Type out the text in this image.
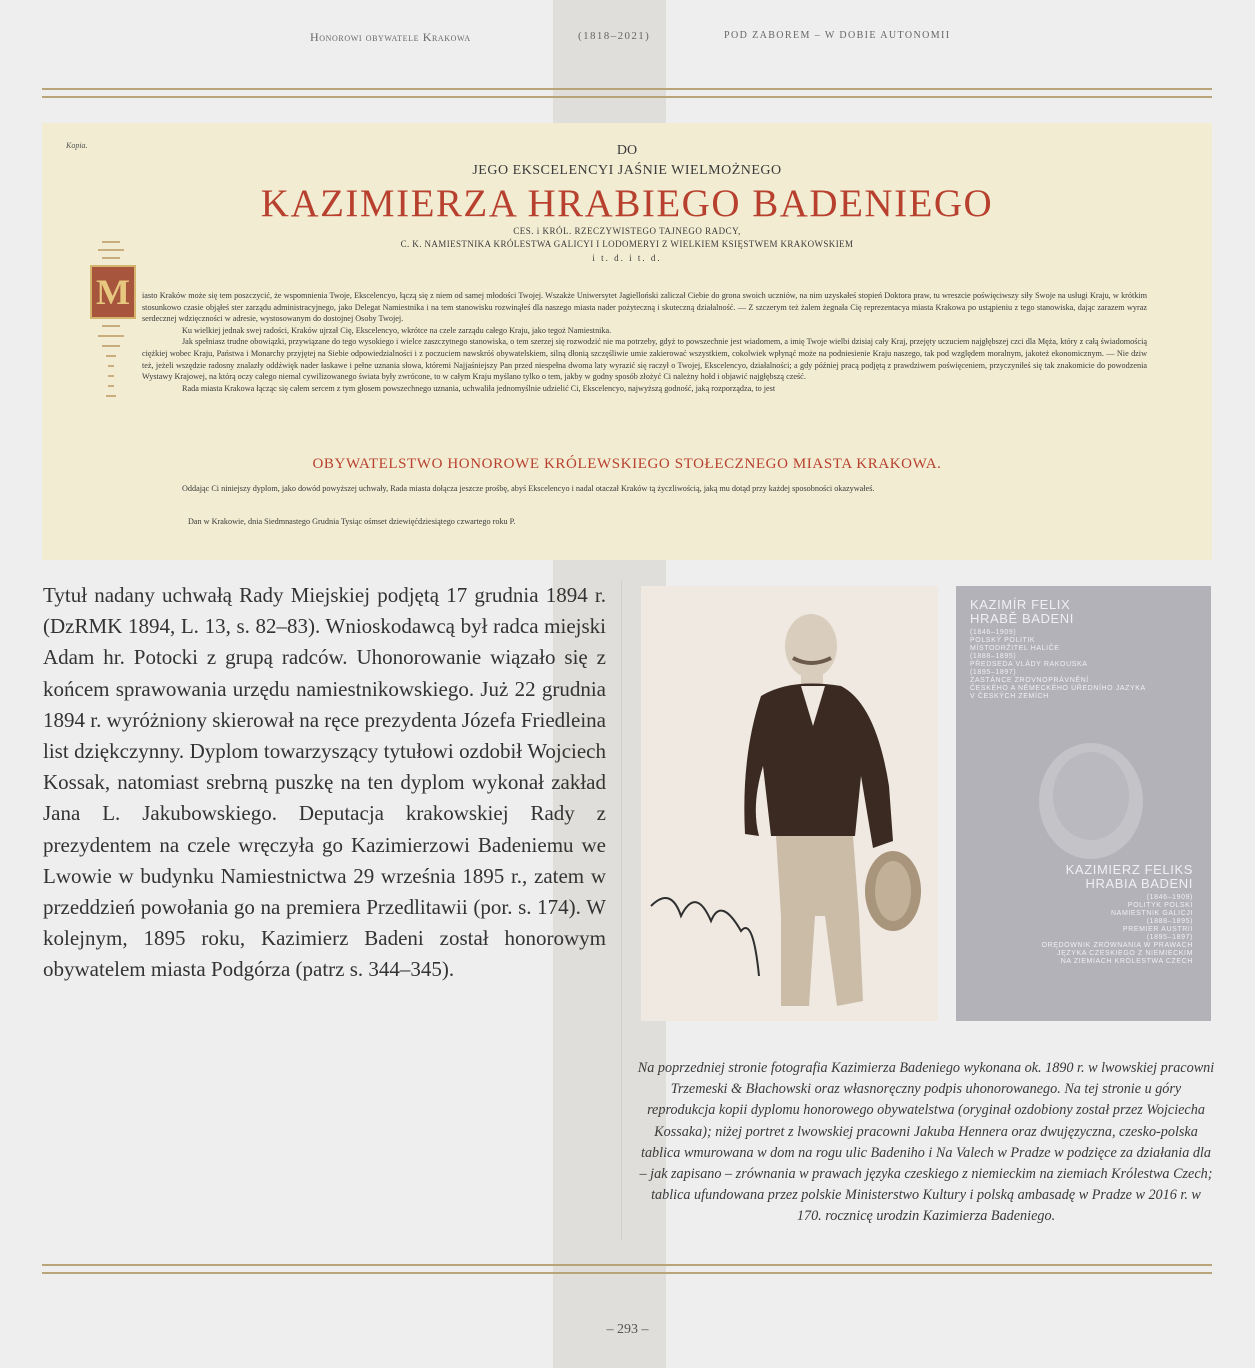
Honorowi obywatele Krakowa	(1818–2021)	POD ZABOREM – W DOBIE AUTONOMII
Kopia.	DO
JEGO EKSCELENCYI JAŚNIE WIELMOŻNEGO
KAZIMIERZA HRABIEGO BADENIEGO
CES. i KRÓL. RZECZYWISTEGO TAJNEGO RADCY,
C. K. NAMIESTNIKA KRÓLESTWA GALICYI I LODOMERYI Z WIELKIEM KSIĘSTWEM KRAKOWSKIEM
i t. d. i t. d.
M	iasto Kraków może się tem poszczycić, że wspomnienia Twoje, Ekscelencyo, łączą się z niem od samej młodości Twojej. Wszakże Uniwersytet Jagielloński zaliczał Ciebie do grona swoich uczniów, na nim uzyskałeś stopień Doktora praw, tu wreszcie poświęciwszy siły Swoje na usługi Kraju, w krótkim stosunkowo czasie objąłeś ster zarządu administracyjnego, jako Delegat Namiestnika i na tem stanowisku rozwinąłeś dla naszego miasta nader pożyteczną i skuteczną działalność. — Z szczerym też żalem żegnała Cię reprezentacya miasta Krakowa po ustąpieniu z tego stanowiska, dając zarazem wyraz serdecznej wdzięczności w adresie, wystosowanym do dostojnej Osoby Twojej.

Ku wielkiej jednak swej radości, Kraków ujrzał Cię, Ekscelencyo, wkrótce na czele zarządu całego Kraju, jako tegoż Namiestnika.

Jak spełniasz trudne obowiązki, przywiązane do tego wysokiego i wielce zaszczytnego stanowiska, o tem szerzej się rozwodzić nie ma potrzeby, gdyż to powszechnie jest wiadomem, a imię Twoje wielbi dzisiaj cały Kraj, przejęty uczuciem najgłębszej czci dla Męża, który z całą świadomością ciężkiej wobec Kraju, Państwa i Monarchy przyjętej na Siebie odpowiedzialności i z poczuciem nawskróś obywatelskiem, silną dłonią szczęśliwie umie zakierować wszystkiem, cokolwiek wpłynąć może na podniesienie Kraju naszego, tak pod względem moralnym, jakoteż ekonomicznym. — Nie dziw też, jeżeli wszędzie radosny znalazły oddźwięk nader łaskawe i pełne uznania słowa, któremi Najjaśniejszy Pan przed niespełna dwoma laty wyrazić się raczył o Twojej, Ekscelencyo, działalności; a gdy później pracą podjętą z prawdziwem poświęceniem, przyczyniłeś się tak znakomicie do powodzenia Wystawy Krajowej, na którą oczy całego niemal cywilizowanego świata były zwrócone, to w całym Kraju myślano tylko o tem, jakby w godny sposób złożyć Ci należny hołd i objawić najgłębszą cześć.

Rada miasta Krakowa łącząc się całem sercem z tym głosem powszechnego uznania, uchwaliła jednomyślnie udzielić Ci, Ekscelencyo, najwyższą godność, jaką rozporządza, to jest

OBYWATELSTWO HONOROWE KRÓLEWSKIEGO STOŁECZNEGO MIASTA KRAKOWA.

Oddając Ci niniejszy dyplom, jako dowód powyższej uchwały, Rada miasta dołącza jeszcze prośbę, abyś Ekscelencyo i nadal otaczał Kraków tą życzliwością, jaką mu dotąd przy każdej sposobności okazywałeś.

Dan w Krakowie, dnia Siedmnastego Grudnia Tysiąc ośmset dziewięćdziesiątego czwartego roku P.
Tytuł nadany uchwałą Rady Miejskiej podjętą 17 grudnia 1894 r. (DzRMK 1894, L. 13, s. 82–83). Wnioskodawcą był radca miejski Adam hr. Potocki z grupą radców. Uhonorowanie wiązało się z końcem sprawowania urzędu namiestnikowskiego. Już 22 grudnia 1894 r. wyróżniony skierował na ręce prezydenta Józefa Friedleina list dziękczynny. Dyplom towarzyszący tytułowi ozdobił Wojciech Kossak, natomiast srebrną puszkę na ten dyplom wykonał zakład Jana L. Jakubowskiego. Deputacja krakowskiej Rady z prezydentem na czele wręczyła go Kazimierzowi Badeniemu we Lwowie w budynku Namiestnictwa 29 września 1895 r., zatem w przeddzień powołania go na premiera Przedlitawii (por. s. 174). W kolejnym, 1895 roku, Kazimierz Badeni został honorowym obywatelem miasta Podgórza (patrz s. 344–345).
KAZIMÍR FELIX
HRABĚ BADENI
(1846–1909)
POLSKÝ POLITIK
MÍSTODRŽITEL HALIČE
(1888–1895)
PŘEDSEDA VLÁDY RAKOUSKA
(1895–1897)
ZASTÁNCE ZROVNOPRÁVNĚNÍ
ČESKÉHO A NĚMECKÉHO ÚŘEDNÍHO JAZYKA
V ČESKÝCH ZEMÍCH
KAZIMIERZ FELIKS
HRABIA BADENI
(1846–1909)
POLITYK POLSKI
NAMIESTNIK GALICJI
(1888–1895)
PREMIER AUSTRII
(1895–1897)
ORĘDOWNIK ZRÓWNANIA W PRAWACH
JĘZYKA CZESKIEGO Z NIEMIECKIM
NA ZIEMIACH KRÓLESTWA CZECH
Na poprzedniej stronie fotografia Kazimierza Badeniego wykonana ok. 1890 r. w lwowskiej pracowni Trzemeski & Błachowski oraz własnoręczny podpis uhonorowanego. Na tej stronie u góry reprodukcja kopii dyplomu honorowego obywatelstwa (oryginał ozdobiony został przez Wojciecha Kossaka); niżej portret z lwowskiej pracowni Jakuba Hennera oraz dwujęzyczna, czesko-polska tablica wmurowana w dom na rogu ulic Badeniho i Na Valech w Pradze w podzięce za działania dla – jak zapisano – zrównania w prawach języka czeskiego z niemieckim na ziemiach Królestwa Czech; tablica ufundowana przez polskie Ministerstwo Kultury i polską ambasadę w Pradze w 2016 r. w 170. rocznicę urodzin Kazimierza Badeniego.
– 293 –
